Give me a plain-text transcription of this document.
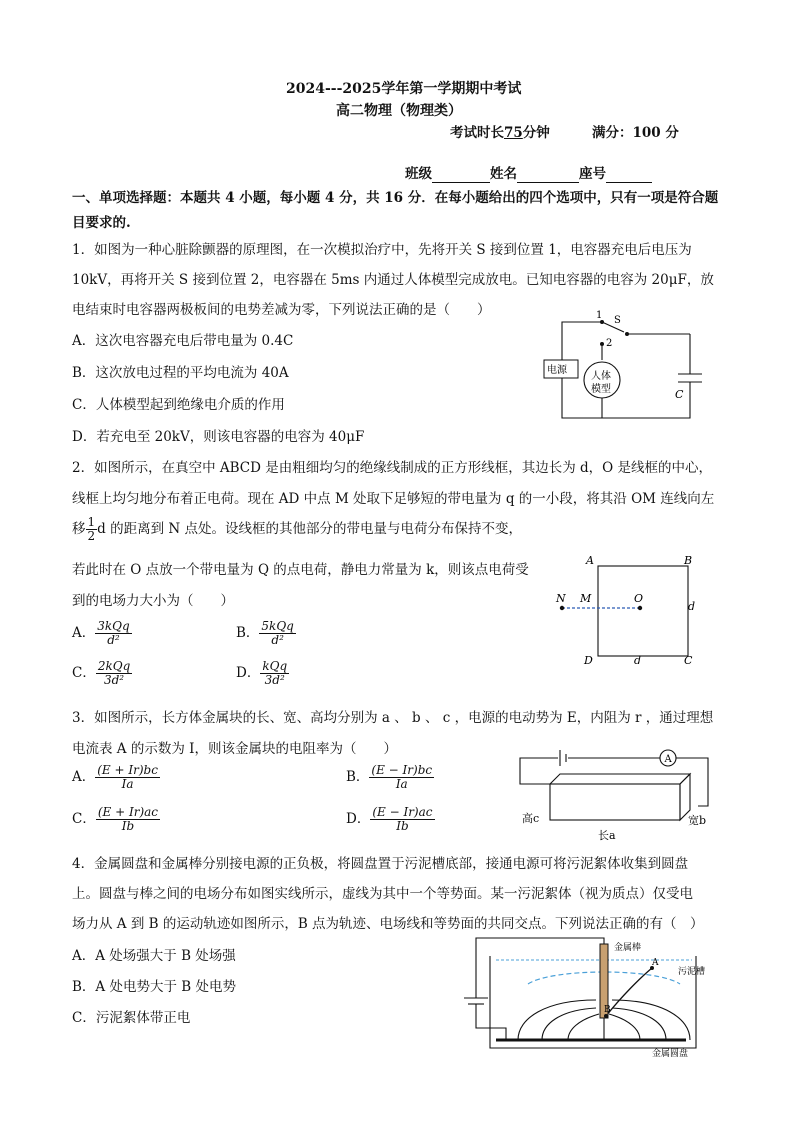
2024---2025学年第一学期期中考试
高二物理（物理类）
考试时长75分钟	满分：100 分
班级	姓名	座号
一、单项选择题：本题共 4 小题，每小题 4 分，共 16 分．在每小题给出的四个选项中，只有一项是符合题
目要求的.
1．如图为一种心脏除颤器的原理图，在一次模拟治疗中，先将开关 S 接到位置 1，电容器充电后电压为
10kV，再将开关 S 接到位置 2，电容器在 5ms 内通过人体模型完成放电。已知电容器的电容为 20μF，放
电结束时电容器两极板间的电势差减为零，下列说法正确的是（　　）
A．这次电容器充电后带电量为 0.4C
B．这次放电过程的平均电流为 40A
C．人体模型起到绝缘电介质的作用
D．若充电至 20kV，则该电容器的电容为 40μF
1
2
S
电源
人体
模型	C
2．如图所示，在真空中 ABCD 是由粗细均匀的绝缘线制成的正方形线框，其边长为 d，O 是线框的中心，
线框上均匀地分布着正电荷。现在 AD 中点 M 处取下足够短的带电量为 q 的一小段，将其沿 OM 连线向左
移 $\frac{1}{2}$ d 的距离到 N 点处。设线框的其他部分的带电量与电荷分布保持不变，
若此时在 O 点放一个带电量为 Q 的点电荷，静电力常量为 k，则该点电荷受
到的电场力大小为（　　）
A． $\frac{\text{3kQq}}{\text{d²}}$	B． $\frac{\text{5kQq}}{\text{d²}}$
C． $\frac{\text{2kQq}}{\text{3d²}}$	D． $\frac{\text{kQq}}{\text{3d²}}$
A	B
C
D
N M	O
d
d
3．如图所示，长方体金属块的长、宽、高均分别为 a 、 b 、 c ，电源的电动势为 E，内阻为 r ，通过理想
电流表 A 的示数为 I，则该金属块的电阻率为（　　）
A． $\frac{(E + Ir)bc}{Ia}$	B． $\frac{(E - Ir)bc}{Ia}$
C． $\frac{(E + Ir)ac}{Ib}$	D． $\frac{(E - Ir)ac}{Ib}$
A
高c
长a
宽b
4．金属圆盘和金属棒分别接电源的正负极，将圆盘置于污泥槽底部，接通电源可将污泥絮体收集到圆盘
上。圆盘与棒之间的电场分布如图实线所示，虚线为其中一个等势面。某一污泥絮体（视为质点）仅受电
场力从 A 到 B 的运动轨迹如图所示，B 点为轨迹、电场线和等势面的共同交点。下列说法正确的有（　）
A．A 处场强大于 B 处场强
B．A 处电势大于 B 处电势
C．污泥絮体带正电
金属棒
污泥槽
金属圆盘
A
B
